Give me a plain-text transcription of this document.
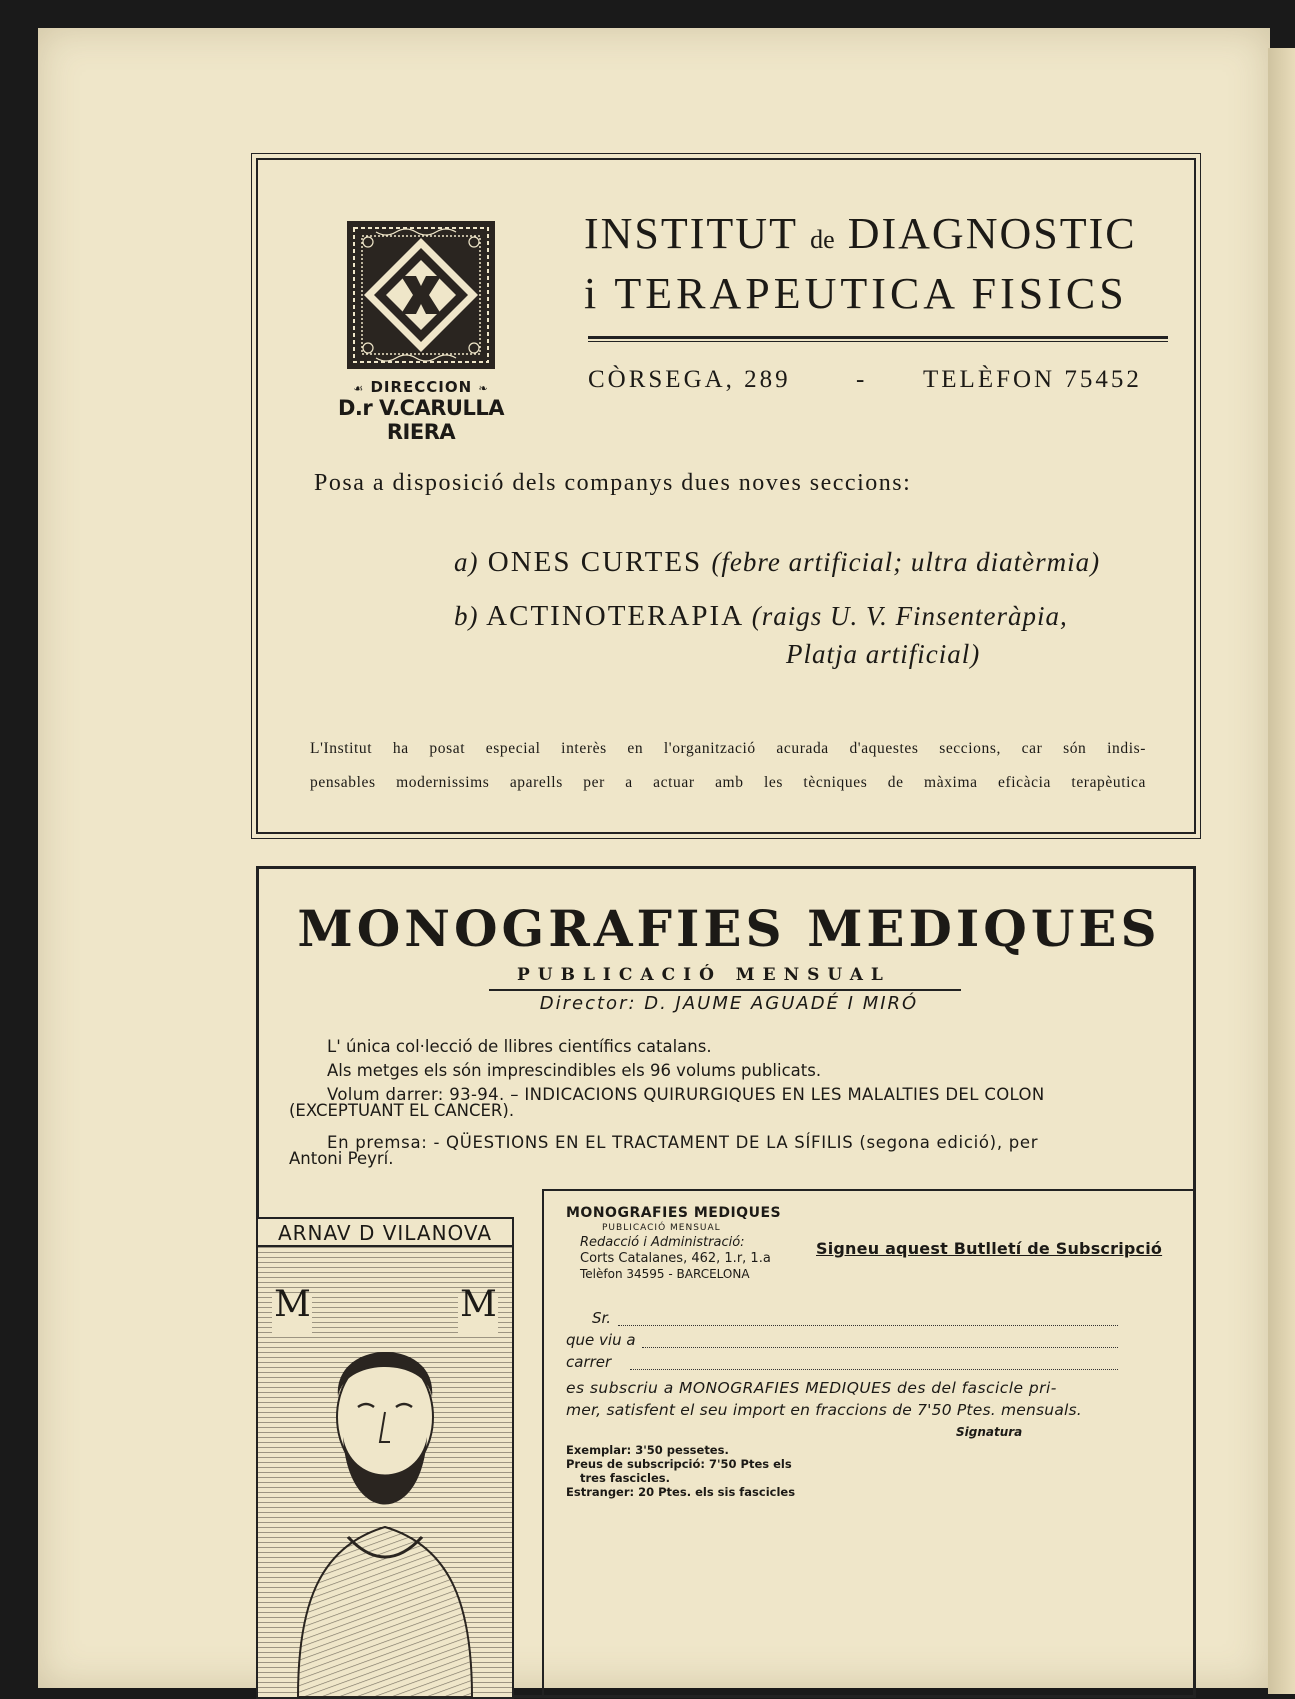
☙ DIRECCION ❧
D.r V.CARULLA RIERA
INSTITUT de DIAGNOSTIC
i TERAPEUTICA FISICS
CÒRSEGA, 289	- TELÈFON 75452
Posa a disposició dels companys dues noves seccions:
a) ONES CURTES (febre artificial; ultra diatèrmia)
b) ACTINOTERAPIA (raigs U. V. Finsenteràpia,
Platja artificial)
L'Institut ha posat especial interès en l'organització acurada d'aquestes seccions, car són indis-
pensables modernissims aparells per a actuar amb les tècniques de màxima eficàcia terapèutica
MONOGRAFIES MEDIQUES
PUBLICACIÓ MENSUAL
Director: D. JAUME AGUADÉ I MIRÓ
L' única col·lecció de llibres científics catalans.
Als metges els són imprescindibles els 96 volums publicats.
Volum darrer: 93-94. – INDICACIONS QUIRURGIQUES EN LES MALALTIES DEL COLON
(EXCEPTUANT EL CANCER).
En premsa: - QÜESTIONS EN EL TRACTAMENT DE LA SÍFILIS (segona edició), per
Antoni Peyrí.
ARNAV D VILANOVA
M	M
MONOGRAFIES MEDIQUES
PUBLICACIÓ MENSUAL
Redacció i Administració:
Corts Catalanes, 462, 1.r, 1.a
Telèfon 34595 - BARCELONA
Signeu aquest Butlletí de Subscripció
Sr.
que viu a
carrer
es subscriu a MONOGRAFIES MEDIQUES des del fascicle pri-
mer, satisfent el seu import en fraccions de 7'50 Ptes. mensuals.
Signatura
Exemplar: 3'50 pessetes.
Preus de subscripció: 7'50 Ptes els
tres fascicles.
Estranger: 20 Ptes. els sis fascicles
